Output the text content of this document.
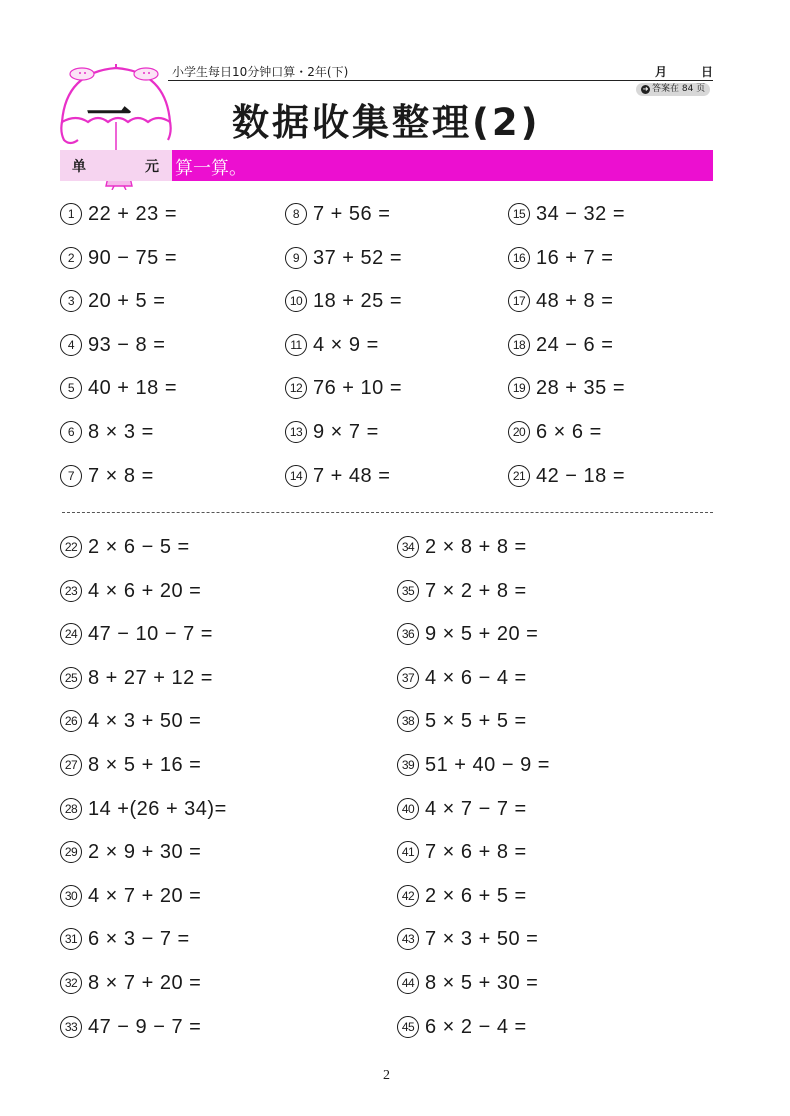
小学生每日10分钟口算・2年(下)	月	日
➜ 答案在 84 页
一	数据收集整理(2)
单	元 算一算。
1 22 + 23 =
2 90 − 75 =
3 20 + 5 =
4 93 − 8 =
5 40 + 18 =
6 8 × 3 =
7 7 × 8 =
8 7 + 56 =
9 37 + 52 =
10 18 + 25 =
11 4 × 9 =
12 76 + 10 =
13 9 × 7 =
14 7 + 48 =
15 34 − 32 =
16 16 + 7 =
17 48 + 8 =
18 24 − 6 =
19 28 + 35 =
20 6 × 6 =
21 42 − 18 =
22 2 × 6 − 5 =
23 4 × 6 + 20 =
24 47 − 10 − 7 =
25 8 + 27 + 12 =
26 4 × 3 + 50 =
27 8 × 5 + 16 =
28 14 +(26 + 34)=
29 2 × 9 + 30 =
30 4 × 7 + 20 =
31 6 × 3 − 7 =
32 8 × 7 + 20 =
33 47 − 9 − 7 =
34 2 × 8 + 8 =
35 7 × 2 + 8 =
36 9 × 5 + 20 =
37 4 × 6 − 4 =
38 5 × 5 + 5 =
39 51 + 40 − 9 =
40 4 × 7 − 7 =
41 7 × 6 + 8 =
42 2 × 6 + 5 =
43 7 × 3 + 50 =
44 8 × 5 + 30 =
45 6 × 2 − 4 =
2
